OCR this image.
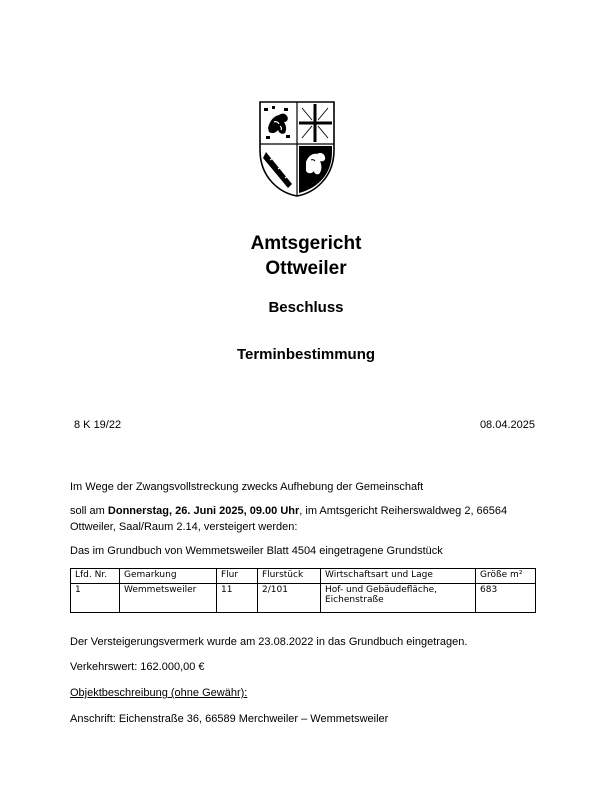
Amtsgericht
Ottweiler
Beschluss
Terminbestimmung
8 K 19/22	08.04.2025
Im Wege der Zwangsvollstreckung zwecks Aufhebung der Gemeinschaft
soll am Donnerstag, 26. Juni 2025, 09.00 Uhr, im Amtsgericht Reiherswaldweg 2, 66564 Ottweiler, Saal/Raum 2.14, versteigert werden:
Das im Grundbuch von Wemmetsweiler Blatt 4504 eingetragene Grundstück
Lfd. Nr.	Gemarkung	Flur	Flurstück	Wirtschaftsart und Lage	Größe m²
1	Wemmetsweiler	11	2/101	Hof- und Gebäudefläche, Eichenstraße	683
Der Versteigerungsvermerk wurde am 23.08.2022 in das Grundbuch eingetragen.
Verkehrswert: 162.000,00 €
Objektbeschreibung (ohne Gewähr):
Anschrift: Eichenstraße 36, 66589 Merchweiler – Wemmetsweiler
